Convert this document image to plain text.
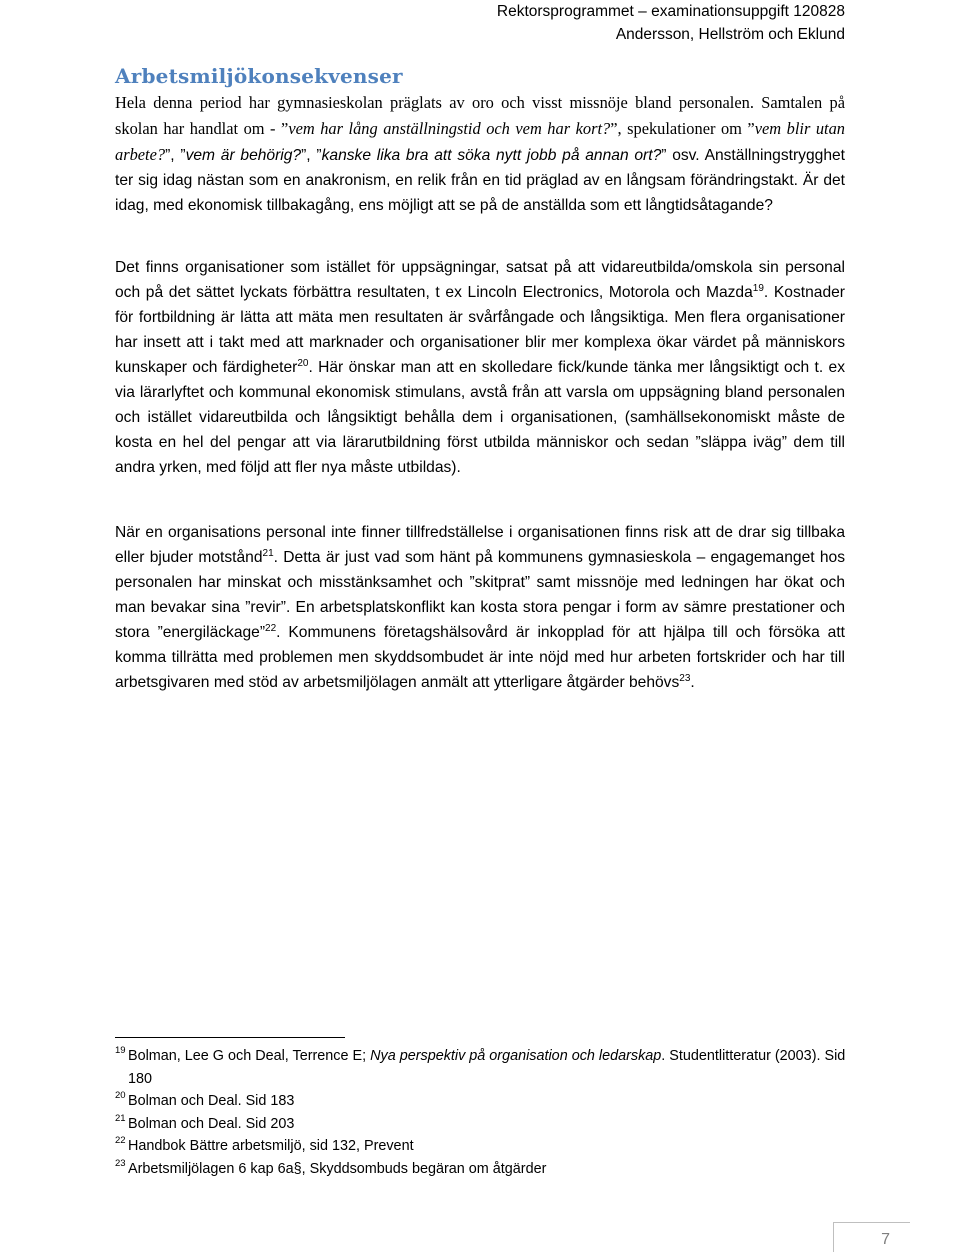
Rektorsprogrammet – examinationsuppgift 120828
Andersson, Hellström och Eklund
Arbetsmiljökonsekvenser

Hela denna period har gymnasieskolan präglats av oro och visst missnöje bland personalen. Samtalen på skolan har handlat om - ”vem har lång anställningstid och vem har kort?”, spekulationer om ”vem blir utan arbete?”, ”vem är behörig?”, ”kanske lika bra att söka nytt jobb på annan ort?” osv. Anställningstrygghet ter sig idag nästan som en anakronism, en relik från en tid präglad av en långsam förändringstakt. Är det idag, med ekonomisk tillbakagång, ens möjligt att se på de anställda som ett långtidsåtagande?

Det finns organisationer som istället för uppsägningar, satsat på att vidareutbilda/omskola sin personal och på det sättet lyckats förbättra resultaten, t ex Lincoln Electronics, Motorola och Mazda$^{19}$. Kostnader för fortbildning är lätta att mäta men resultaten är svårfångade och långsiktiga. Men flera organisationer har insett att i takt med att marknader och organisationer blir mer komplexa ökar värdet på människors kunskaper och färdigheter$^{20}$. Här önskar man att en skolledare fick/kunde tänka mer långsiktigt och t. ex via lärarlyftet och kommunal ekonomisk stimulans, avstå från att varsla om uppsägning bland personalen och istället vidareutbilda och långsiktigt behålla dem i organisationen, (samhällsekonomiskt måste de kosta en hel del pengar att via lärarutbildning först utbilda människor och sedan ”släppa iväg” dem till andra yrken, med följd att fler nya måste utbildas).

När en organisations personal inte finner tillfredställelse i organisationen finns risk att de drar sig tillbaka eller bjuder motstånd$^{21}$. Detta är just vad som hänt på kommunens gymnasieskola – engagemanget hos personalen har minskat och misstänksamhet och ”skitprat” samt missnöje med ledningen har ökat och man bevakar sina ”revir”. En arbetsplatskonflikt kan kosta stora pengar i form av sämre prestationer och stora ”energiläckage”$^{22}$. Kommunens företagshälsovård är inkopplad för att hjälpa till och försöka att komma tillrätta med problemen men skyddsombudet är inte nöjd med hur arbeten fortskrider och har till arbetsgivaren med stöd av arbetsmiljölagen anmält att ytterligare åtgärder behövs$^{23}$.

19 Bolman, Lee G och Deal, Terrence E; Nya perspektiv på organisation och ledarskap. Studentlitteratur (2003). Sid 180
20 Bolman och Deal. Sid 183
21 Bolman och Deal. Sid 203
22 Handbok Bättre arbetsmiljö, sid 132, Prevent
23 Arbetsmiljölagen 6 kap 6a§, Skyddsombuds begäran om åtgärder
7
